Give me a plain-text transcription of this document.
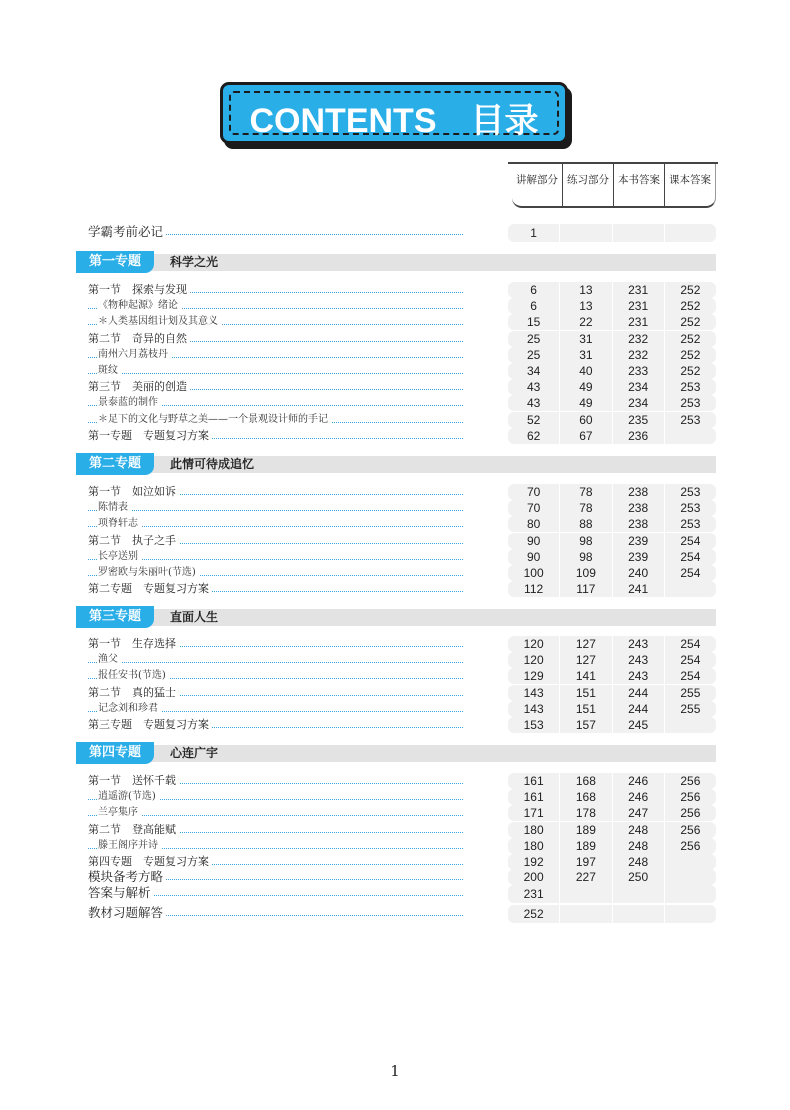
CONTENTS 目录
讲解部分 练习部分 本书答案 课本答案
学霸考前必记	1
第一专题	科学之光
第一节　探索与发现	6	13	231	252
《物种起源》绪论	6	13	231	252
＊人类基因组计划及其意义	15	22	231	252
第二节　奇异的自然	25	31	232	252
南州六月荔枝丹	25	31	232	252
斑纹	34	40	233	252
第三节　美丽的创造	43	49	234	253
景泰蓝的制作	43	49	234	253
＊足下的文化与野草之美——一个景观设计师的手记	52	60	235	253
第一专题　专题复习方案	62	67	236
第二专题	此情可待成追忆
第一节　如泣如诉	70	78	238	253
陈情表	70	78	238	253
项脊轩志	80	88	238	253
第二节　执子之手	90	98	239	254
长亭送别	90	98	239	254
罗密欧与朱丽叶(节选)	100	109	240	254
第二专题　专题复习方案	112	117	241
第三专题	直面人生
第一节　生存选择	120	127	243	254
渔父	120	127	243	254
报任安书(节选)	129	141	243	254
第二节　真的猛士	143	151	244	255
记念刘和珍君	143	151	244	255
第三专题　专题复习方案	153	157	245
第四专题	心连广宇
第一节　送怀千载	161	168	246	256
逍遥游(节选)	161	168	246	256
兰亭集序	171	178	247	256
第二节　登高能赋	180	189	248	256
滕王阁序并诗	180	189	248	256
第四专题　专题复习方案	192	197	248
模块备考方略	200	227	250
答案与解析	231
教材习题解答	252
1
